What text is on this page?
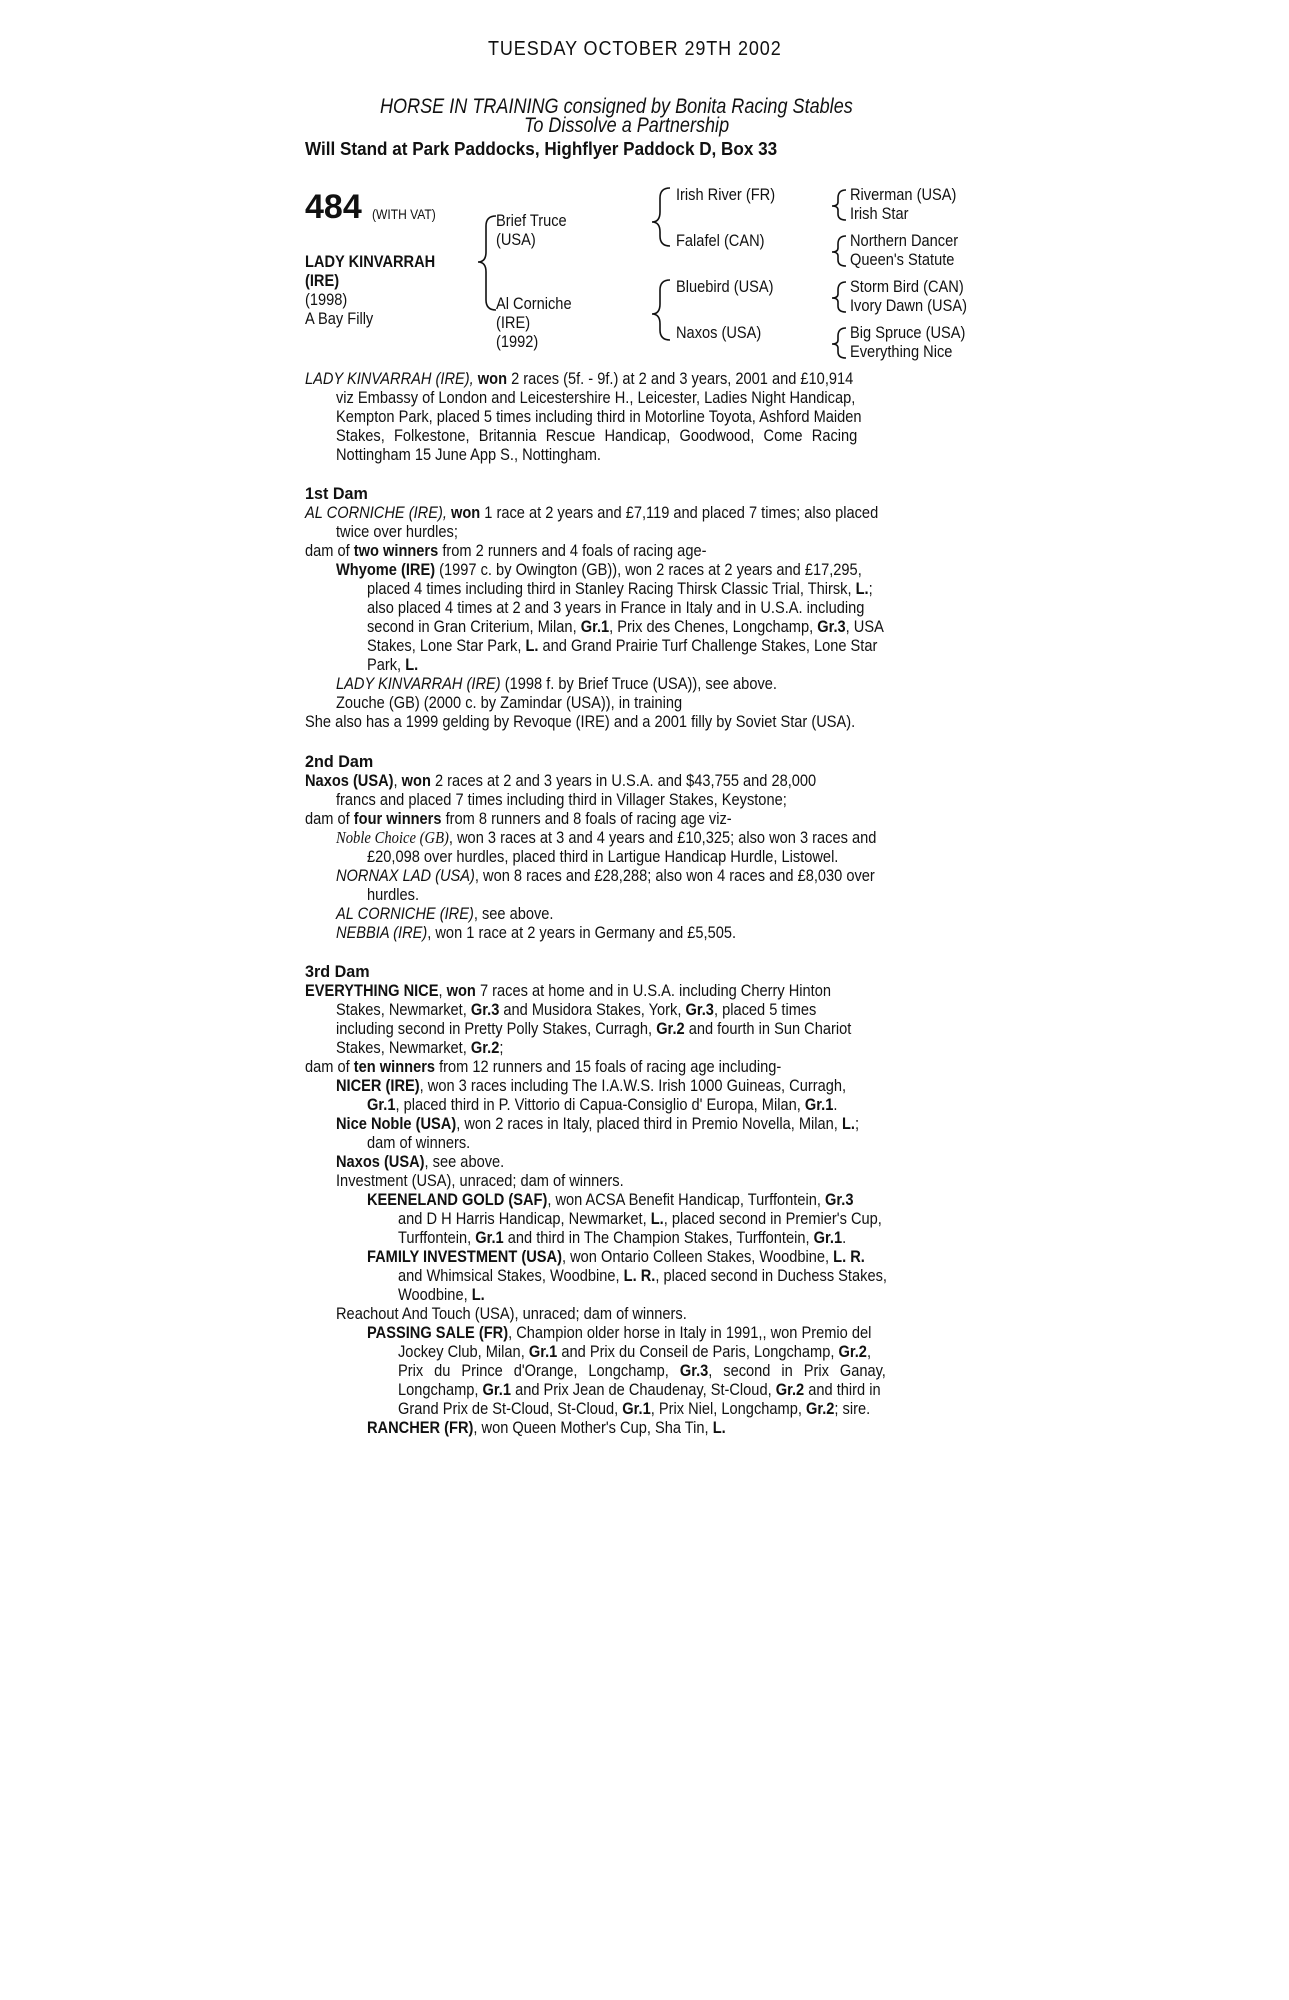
TUESDAY OCTOBER 29TH 2002
HORSE IN TRAINING consigned by Bonita Racing Stables
To Dissolve a Partnership
Will Stand at Park Paddocks, Highflyer Paddock D, Box 33
484 (WITH VAT)
LADY KINVARRAH
(IRE)
(1998)
A Bay Filly
Brief Truce
(USA)
Al Corniche
(IRE)
(1992)
Irish River (FR)
Falafel (CAN)
Bluebird (USA)
Naxos (USA)
Riverman (USA)
Irish Star
Northern Dancer
Queen's Statute
Storm Bird (CAN)
Ivory Dawn (USA)
Big Spruce (USA)
Everything Nice
LADY KINVARRAH (IRE), won 2 races (5f. - 9f.) at 2 and 3 years, 2001 and £10,914
viz Embassy of London and Leicestershire H., Leicester, Ladies Night Handicap,
Kempton Park, placed 5 times including third in Motorline Toyota, Ashford Maiden
Stakes, Folkestone, Britannia Rescue Handicap, Goodwood, Come Racing
Nottingham 15 June App S., Nottingham.
1st Dam
AL CORNICHE (IRE), won 1 race at 2 years and £7,119 and placed 7 times; also placed
twice over hurdles;
dam of two winners from 2 runners and 4 foals of racing age-
Whyome (IRE) (1997 c. by Owington (GB)), won 2 races at 2 years and £17,295,
placed 4 times including third in Stanley Racing Thirsk Classic Trial, Thirsk, L.;
also placed 4 times at 2 and 3 years in France in Italy and in U.S.A. including
second in Gran Criterium, Milan, Gr.1, Prix des Chenes, Longchamp, Gr.3, USA
Stakes, Lone Star Park, L. and Grand Prairie Turf Challenge Stakes, Lone Star
Park, L.
LADY KINVARRAH (IRE) (1998 f. by Brief Truce (USA)), see above.
Zouche (GB) (2000 c. by Zamindar (USA)), in training
She also has a 1999 gelding by Revoque (IRE) and a 2001 filly by Soviet Star (USA).
2nd Dam
Naxos (USA), won 2 races at 2 and 3 years in U.S.A. and $43,755 and 28,000
francs and placed 7 times including third in Villager Stakes, Keystone;
dam of four winners from 8 runners and 8 foals of racing age viz-
Noble Choice (GB), won 3 races at 3 and 4 years and £10,325; also won 3 races and
£20,098 over hurdles, placed third in Lartigue Handicap Hurdle, Listowel.
NORNAX LAD (USA), won 8 races and £28,288; also won 4 races and £8,030 over
hurdles.
AL CORNICHE (IRE), see above.
NEBBIA (IRE), won 1 race at 2 years in Germany and £5,505.
3rd Dam
EVERYTHING NICE, won 7 races at home and in U.S.A. including Cherry Hinton
Stakes, Newmarket, Gr.3 and Musidora Stakes, York, Gr.3, placed 5 times
including second in Pretty Polly Stakes, Curragh, Gr.2 and fourth in Sun Chariot
Stakes, Newmarket, Gr.2;
dam of ten winners from 12 runners and 15 foals of racing age including-
NICER (IRE), won 3 races including The I.A.W.S. Irish 1000 Guineas, Curragh,
Gr.1, placed third in P. Vittorio di Capua-Consiglio d' Europa, Milan, Gr.1.
Nice Noble (USA), won 2 races in Italy, placed third in Premio Novella, Milan, L.;
dam of winners.
Naxos (USA), see above.
Investment (USA), unraced; dam of winners.
KEENELAND GOLD (SAF), won ACSA Benefit Handicap, Turffontein, Gr.3
and D H Harris Handicap, Newmarket, L., placed second in Premier's Cup,
Turffontein, Gr.1 and third in The Champion Stakes, Turffontein, Gr.1.
FAMILY INVESTMENT (USA), won Ontario Colleen Stakes, Woodbine, L. R.
and Whimsical Stakes, Woodbine, L. R., placed second in Duchess Stakes,
Woodbine, L.
Reachout And Touch (USA), unraced; dam of winners.
PASSING SALE (FR), Champion older horse in Italy in 1991,, won Premio del
Jockey Club, Milan, Gr.1 and Prix du Conseil de Paris, Longchamp, Gr.2,
Prix du Prince d'Orange, Longchamp, Gr.3, second in Prix Ganay,
Longchamp, Gr.1 and Prix Jean de Chaudenay, St-Cloud, Gr.2 and third in
Grand Prix de St-Cloud, St-Cloud, Gr.1, Prix Niel, Longchamp, Gr.2; sire.
RANCHER (FR), won Queen Mother's Cup, Sha Tin, L.
